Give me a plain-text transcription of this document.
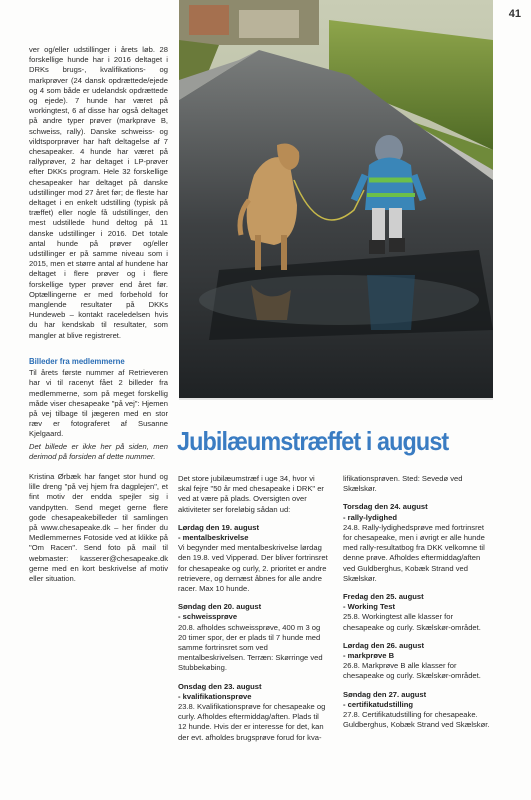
41

ver og/eller udstillinger i årets løb. 28 forskellige hunde har i 2016 deltaget i DRKs brugs-, kvalifikations- og markprøver (24 dansk opdrættede/ejede og 4 som både er udelandsk opdrættede og ejede). 7 hunde har været på workingtest, 6 af disse har også deltaget på andre typer prøver (markprøve B, schweiss, rally). Danske schweiss- og vildtsporprøver har haft deltagelse af 7 chesapeaker. 4 hunde har været på rallyprøver, 2 har deltaget i LP-prøver efter DKKs program. Hele 32 forskellige chesapeaker har deltaget på danske udstillinger mod 27 året før; de fleste har deltaget i en enkelt udstilling (typisk på træffet) eller nogle få udstillinger, den mest udstillede hund deltog på 11 danske udstillinger i 2016. Det totale antal hunde på prøver og/eller udstillinger er på samme niveau som i 2015, men et større antal af hundene har deltaget i flere prøver og i flere forskellige typer prøver end året før. Optællingerne er med forbehold for manglende resultater på DKKs Hundeweb – kontakt raceledelsen hvis du har kendskab til resultater, som mangler at blive registreret.

Billeder fra medlemmerne

Til årets første nummer af Retrieveren har vi til racenyt fået 2 billeder fra medlemmerne, som på meget forskellig måde viser chesapeake "på vej": Hjemen på vej tilbage til jægeren med en stor ræv er fotograferet af Susanne Kjelgaard.

Det billede er ikke her på siden, men derimod på forsiden af dette nummer.

Kristina Ørbæk har fanget stor hund og lille dreng "på vej hjem fra dagplejen", et fint motiv der endda spejler sig i vandpytten. Send meget gerne flere gode chesapeakebilleder til samlingen på www.chesapeake.dk – her finder du Medlemmernes Fotoside ved at klikke på "Om Racen". Send foto på mail til webmaster: kasserer@chesapeake.dk gerne med en kort beskrivelse af motiv eller situation.

Jubilæumstræffet i august

Det store jubilæumstræf i uge 34, hvor vi skal fejre "50 år med chesapeake i DRK" er ved at være på plads. Oversigten over aktiviteter ser foreløbig sådan ud:

Lørdag den 19. august

- mentalbeskrivelse

Vi begynder med mentalbeskrivelse lørdag den 19.8. ved Vipperød. Der bliver fortrinsret for chesapeake og curly, 2. prioritet er andre retrievere, og dernæst åbnes for alle andre racer. Max 10 hunde.

Søndag den 20. august

- schweissprøve

20.8. afholdes schweissprøve, 400 m 3 og 20 timer spor, der er plads til 7 hunde med samme fortrinsret som ved mentalbeskrivelsen. Terræn: Skørringe ved Stubbekøbing.

Onsdag den 23. august

- kvalifikationsprøve

23.8. Kvalifikationsprøve for chesapeake og curly. Afholdes eftermiddag/aften. Plads til 12 hunde. Hvis der er interesse for det, kan der evt. afholdes brugsprøve forud for kva-

lifikationsprøven. Sted: Sevedø ved Skælskør.

Torsdag den 24. august

- rally-lydighed

24.8. Rally-lydighedsprøve med fortrinsret for chesapeake, men i øvrigt er alle hunde med rally-resultatbog fra DKK velkomne til denne prøve. Afholdes eftermiddag/aften ved Guldberghus, Kobæk Strand ved Skælskør.

Fredag den 25. august

- Working Test

25.8. Workingtest alle klasser for chesapeake og curly. Skælskør-området.

Lørdag den 26. august

- markprøve B

26.8. Markprøve B alle klasser for chesapeake og curly. Skælskør-området.

Søndag den 27. august

- certifikatudstilling

27.8. Certifikatudstilling for chesapeake. Guldberghus, Kobæk Strand ved Skælskør.
